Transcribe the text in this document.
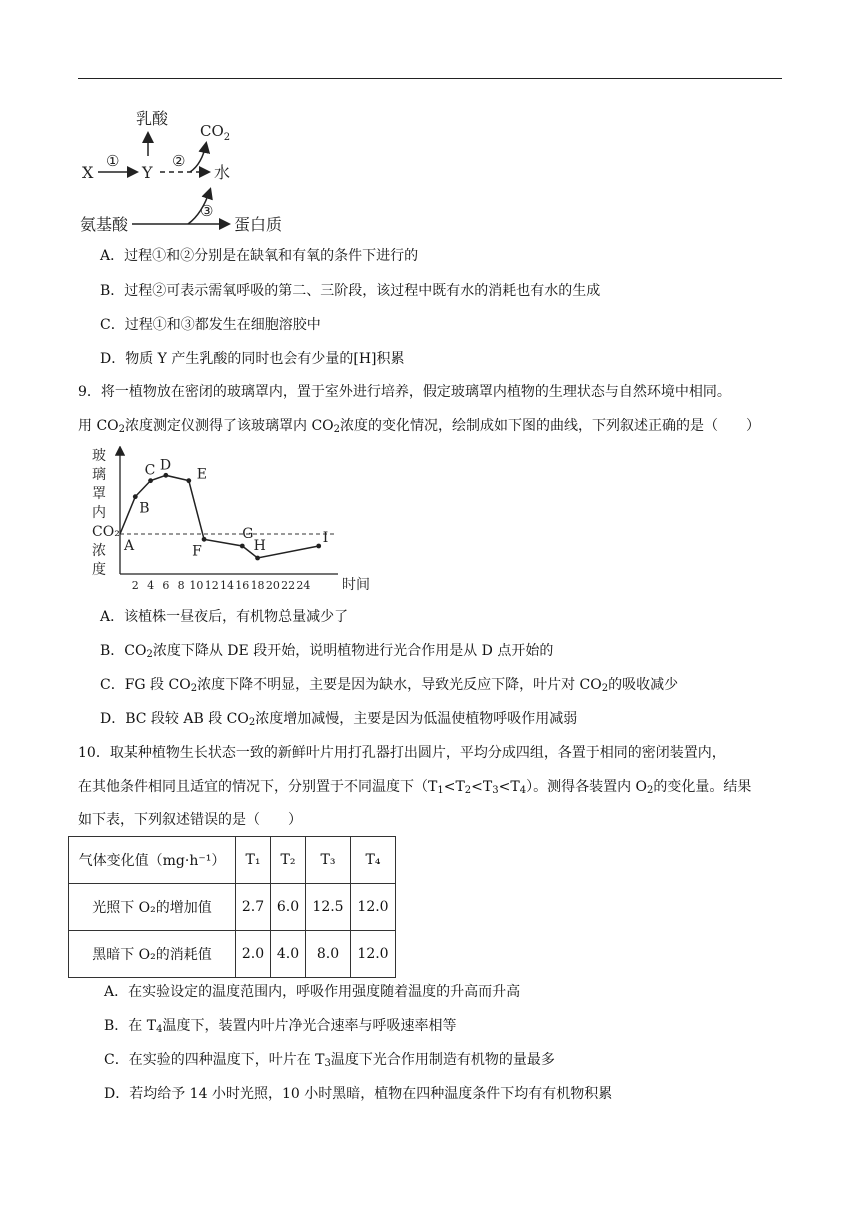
乳酸
$CO_2$
X
①
Y
②
水
氨基酸
③
蛋白质
A．过程①和②分别是在缺氧和有氧的条件下进行的
B．过程②可表示需氧呼吸的第二、三阶段，该过程中既有水的消耗也有水的生成
C．过程①和③都发生在细胞溶胶中
D．物质 Y 产生乳酸的同时也会有少量的[H]积累
9．将一植物放在密闭的玻璃罩内，置于室外进行培养，假定玻璃罩内植物的生理状态与自然环境中相同。
用 $CO_2$浓度测定仪测得了该玻璃罩内 $CO_2$浓度的变化情况，绘制成如下图的曲线，下列叙述正确的是（　　）
玻
璃
罩
内
CO₂
浓
度
2 4 6 8 10 12 14 16 18 20 22 24 时间
A
B
C D
E
F
G
H	I
A．该植株一昼夜后，有机物总量减少了
B．$CO_2$浓度下降从 DE 段开始，说明植物进行光合作用是从 D 点开始的
C．FG 段 $CO_2$浓度下降不明显，主要是因为缺水，导致光反应下降，叶片对 $CO_2$的吸收减少
D．BC 段较 AB 段 $CO_2$浓度增加减慢，主要是因为低温使植物呼吸作用减弱
10．取某种植物生长状态一致的新鲜叶片用打孔器打出圆片，平均分成四组，各置于相同的密闭装置内，
在其他条件相同且适宜的情况下，分别置于不同温度下$(T_1<T_2<T_3<T_4)$。测得各装置内 $O_2$的变化量。结果
如下表，下列叙述错误的是（　　）
气体变化值（mg·h⁻¹）	T₁	T₂	T₃	T₄
光照下 O₂的增加值	2.7	6.0	12.5	12.0
黑暗下 O₂的消耗值	2.0	4.0	8.0	12.0
A．在实验设定的温度范围内，呼吸作用强度随着温度的升高而升高
B．在 $T_4$温度下，装置内叶片净光合速率与呼吸速率相等
C．在实验的四种温度下，叶片在 $T_3$温度下光合作用制造有机物的量最多
D．若均给予 14 小时光照，10 小时黑暗，植物在四种温度条件下均有有机物积累
